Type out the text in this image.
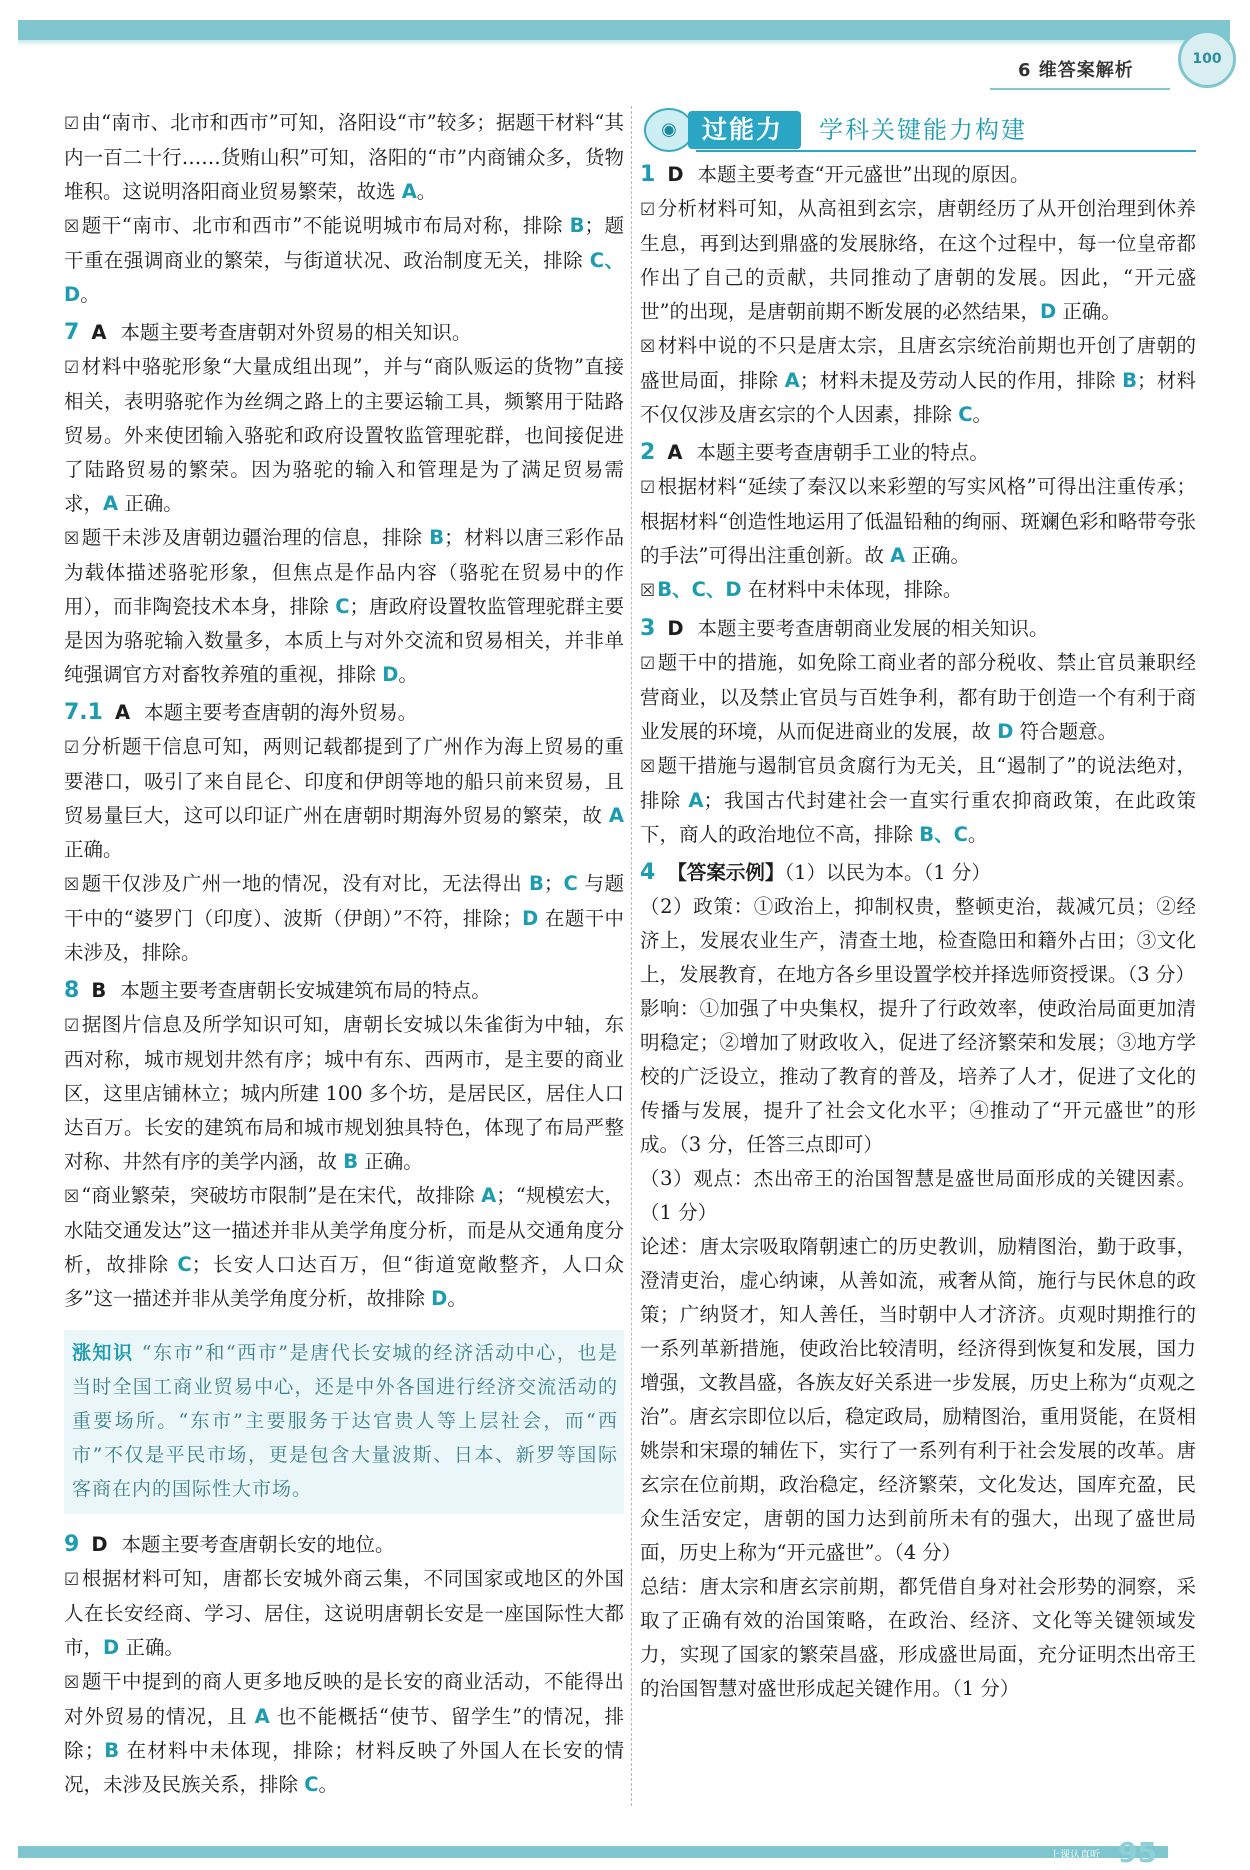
6 维答案解析
100

☑ 由“南市、北市和西市”可知，洛阳设“市”较多；据题干材料“其内一百二十行……货贿山积”可知，洛阳的“市”内商铺众多，货物堆积。这说明洛阳商业贸易繁荣，故选 A。

☒ 题干“南市、北市和西市”不能说明城市布局对称，排除 B；题干重在强调商业的繁荣，与街道状况、政治制度无关，排除 C、D。

7 A 本题主要考查唐朝对外贸易的相关知识。

☑ 材料中骆驼形象“大量成组出现”，并与“商队贩运的货物”直接相关，表明骆驼作为丝绸之路上的主要运输工具，频繁用于陆路贸易。外来使团输入骆驼和政府设置牧监管理驼群，也间接促进了陆路贸易的繁荣。因为骆驼的输入和管理是为了满足贸易需求，A 正确。

☒ 题干未涉及唐朝边疆治理的信息，排除 B；材料以唐三彩作品为载体描述骆驼形象，但焦点是作品内容（骆驼在贸易中的作用），而非陶瓷技术本身，排除 C；唐政府设置牧监管理驼群主要是因为骆驼输入数量多，本质上与对外交流和贸易相关，并非单纯强调官方对畜牧养殖的重视，排除 D。

7.1 A 本题主要考查唐朝的海外贸易。

☑ 分析题干信息可知，两则记载都提到了广州作为海上贸易的重要港口，吸引了来自昆仑、印度和伊朗等地的船只前来贸易，且贸易量巨大，这可以印证广州在唐朝时期海外贸易的繁荣，故 A 正确。

☒ 题干仅涉及广州一地的情况，没有对比，无法得出 B；C 与题干中的“婆罗门（印度）、波斯（伊朗）”不符，排除；D 在题干中未涉及，排除。

8 B 本题主要考查唐朝长安城建筑布局的特点。

☑ 据图片信息及所学知识可知，唐朝长安城以朱雀街为中轴，东西对称，城市规划井然有序；城中有东、西两市，是主要的商业区，这里店铺林立；城内所建 100 多个坊，是居民区，居住人口达百万。长安的建筑布局和城市规划独具特色，体现了布局严整对称、井然有序的美学内涵，故 B 正确。

☒ “商业繁荣，突破坊市限制”是在宋代，故排除 A；“规模宏大，水陆交通发达”这一描述并非从美学角度分析，而是从交通角度分析，故排除 C；长安人口达百万，但“街道宽敞整齐，人口众多”这一描述并非从美学角度分析，故排除 D。

涨知识 “东市”和“西市”是唐代长安城的经济活动中心，也是当时全国工商业贸易中心，还是中外各国进行经济交流活动的重要场所。“东市”主要服务于达官贵人等上层社会，而“西市”不仅是平民市场，更是包含大量波斯、日本、新罗等国际客商在内的国际性大市场。

9 D 本题主要考查唐朝长安的地位。

☑ 根据材料可知，唐都长安城外商云集，不同国家或地区的外国人在长安经商、学习、居住，这说明唐朝长安是一座国际性大都市，D 正确。

☒ 题干中提到的商人更多地反映的是长安的商业活动，不能得出对外贸易的情况，且 A 也不能概括“使节、留学生”的情况，排除；B 在材料中未体现，排除；材料反映了外国人在长安的情况，未涉及民族关系，排除 C。

◉	过能力	学科关键能力构建

1 D 本题主要考查“开元盛世”出现的原因。

☑ 分析材料可知，从高祖到玄宗，唐朝经历了从开创治理到休养生息，再到达到鼎盛的发展脉络，在这个过程中，每一位皇帝都作出了自己的贡献，共同推动了唐朝的发展。因此，“开元盛世”的出现，是唐朝前期不断发展的必然结果，D 正确。

☒ 材料中说的不只是唐太宗，且唐玄宗统治前期也开创了唐朝的盛世局面，排除 A；材料未提及劳动人民的作用，排除 B；材料不仅仅涉及唐玄宗的个人因素，排除 C。

2 A 本题主要考查唐朝手工业的特点。

☑ 根据材料“延续了秦汉以来彩塑的写实风格”可得出注重传承；根据材料“创造性地运用了低温铅釉的绚丽、斑斓色彩和略带夸张的手法”可得出注重创新。故 A 正确。

☒ B、C、D 在材料中未体现，排除。

3 D 本题主要考查唐朝商业发展的相关知识。

☑ 题干中的措施，如免除工商业者的部分税收、禁止官员兼职经营商业，以及禁止官员与百姓争利，都有助于创造一个有利于商业发展的环境，从而促进商业的发展，故 D 符合题意。

☒ 题干措施与遏制官员贪腐行为无关，且“遏制了”的说法绝对，排除 A；我国古代封建社会一直实行重农抑商政策，在此政策下，商人的政治地位不高，排除 B、C。

4 【答案示例】（1）以民为本。（1 分）

（2）政策：①政治上，抑制权贵，整顿吏治，裁减冗员；②经济上，发展农业生产，清查土地，检查隐田和籍外占田；③文化上，发展教育，在地方各乡里设置学校并择选师资授课。（3 分）

影响：①加强了中央集权，提升了行政效率，使政治局面更加清明稳定；②增加了财政收入，促进了经济繁荣和发展；③地方学校的广泛设立，推动了教育的普及，培养了人才，促进了文化的传播与发展，提升了社会文化水平；④推动了“开元盛世”的形成。（3 分，任答三点即可）

（3）观点：杰出帝王的治国智慧是盛世局面形成的关键因素。（1 分）

论述：唐太宗吸取隋朝速亡的历史教训，励精图治，勤于政事，澄清吏治，虚心纳谏，从善如流，戒奢从简，施行与民休息的政策；广纳贤才，知人善任，当时朝中人才济济。贞观时期推行的一系列革新措施，使政治比较清明，经济得到恢复和发展，国力增强，文教昌盛，各族友好关系进一步发展，历史上称为“贞观之治”。唐玄宗即位以后，稳定政局，励精图治，重用贤能，在贤相姚崇和宋璟的辅佐下，实行了一系列有利于社会发展的改革。唐玄宗在位前期，政治稳定，经济繁荣，文化发达，国库充盈，民众生活安定，唐朝的国力达到前所未有的强大，出现了盛世局面，历史上称为“开元盛世”。（4 分）

总结：唐太宗和唐玄宗前期，都凭借自身对社会形势的洞察，采取了正确有效的治国策略，在政治、经济、文化等关键领域发力，实现了国家的繁荣昌盛，形成盛世局面，充分证明杰出帝王的治国智慧对盛世形成起关键作用。（1 分）

上课认真听 95
